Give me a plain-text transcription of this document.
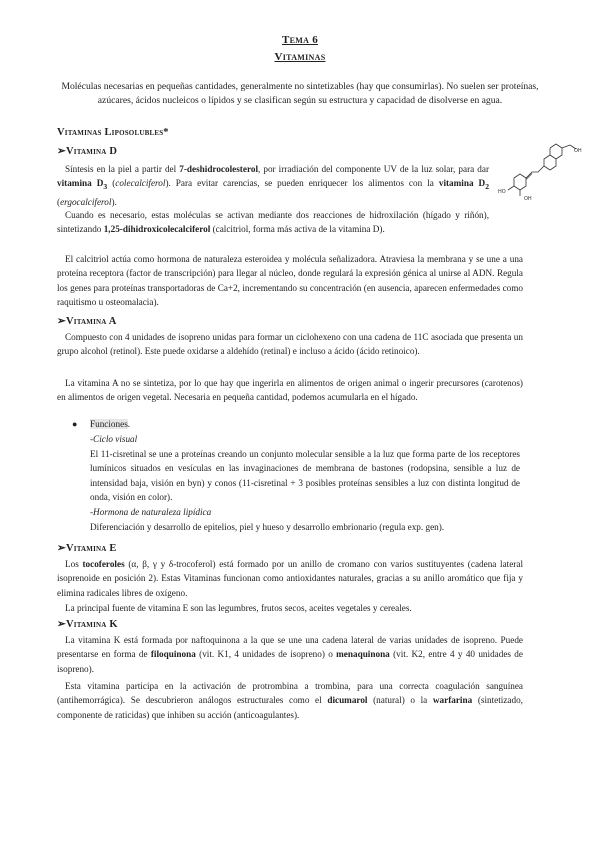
Tema 6
Vitaminas
Moléculas necesarias en pequeñas cantidades, generalmente no sintetizables (hay que consumirlas). No suelen ser proteínas, azúcares, ácidos nucleicos o lípidos y se clasifican según su estructura y capacidad de disolverse en agua.
Vitaminas Liposolubles*
➢Vitamina D	OH
HO
OH
Síntesis en la piel a partir del 7-deshidrocolesterol, por irradiación del componente UV de la luz solar, para dar vitamina $D_3$ (colecalciferol). Para evitar carencias, se pueden enriquecer los alimentos con la vitamina $D_2$ (ergocalciferol).
Cuando es necesario, estas moléculas se activan mediante dos reacciones de hidroxilación (hígado y riñón), sintetizando 1,25-dihidroxicolecalciferol (calcitriol, forma más activa de la vitamina D).
El calcitriol actúa como hormona de naturaleza esteroidea y molécula señalizadora. Atraviesa la membrana y se une a una proteína receptora (factor de transcripción) para llegar al núcleo, donde regulará la expresión génica al unirse al ADN. Regula los genes para proteínas transportadoras de Ca+2, incrementando su concentración (en ausencia, aparecen enfermedades como raquitismo u osteomalacia).
➢Vitamina A
Compuesto con 4 unidades de isopreno unidas para formar un ciclohexeno con una cadena de 11C asociada que presenta un grupo alcohol (retinol). Este puede oxidarse a aldehído (retinal) e incluso a ácido (ácido retinoico).
La vitamina A no se sintetiza, por lo que hay que ingerirla en alimentos de origen animal o ingerir precursores (carotenos) en alimentos de origen vegetal. Necesaria en pequeña cantidad, podemos acumularla en el hígado.
● Funciones.
-Ciclo visual
El 11-cisretinal se une a proteínas creando un conjunto molecular sensible a la luz que forma parte de los receptores lumínicos situados en vesículas en las invaginaciones de membrana de bastones (rodopsina, sensible a luz de intensidad baja, visión en byn) y conos (11-cisretinal + 3 posibles proteínas sensibles a luz con distinta longitud de onda, visión en color).
-Hormona de naturaleza lipídica
Diferenciación y desarrollo de epitelios, piel y hueso y desarrollo embrionario (regula exp. gen).
➢Vitamina E
Los tocoferoles (α, β, γ y δ-trocoferol) está formado por un anillo de cromano con varios sustituyentes (cadena lateral isoprenoide en posición 2). Estas Vitaminas funcionan como antioxidantes naturales, gracias a su anillo aromático que fija y elimina radicales libres de oxígeno.
La principal fuente de vitamina E son las legumbres, frutos secos, aceites vegetales y cereales.
➢Vitamina K
La vitamina K está formada por naftoquinona a la que se une una cadena lateral de varias unidades de isopreno. Puede presentarse en forma de filoquinona (vit. K1, 4 unidades de isopreno) o menaquinona (vit. K2, entre 4 y 40 unidades de isopreno).
Esta vitamina participa en la activación de protrombina a trombina, para una correcta coagulación sanguínea (antihemorrágica). Se descubrieron análogos estructurales como el dicumarol (natural) o la warfarina (sintetizado, componente de raticidas) que inhiben su acción (anticoagulantes).
